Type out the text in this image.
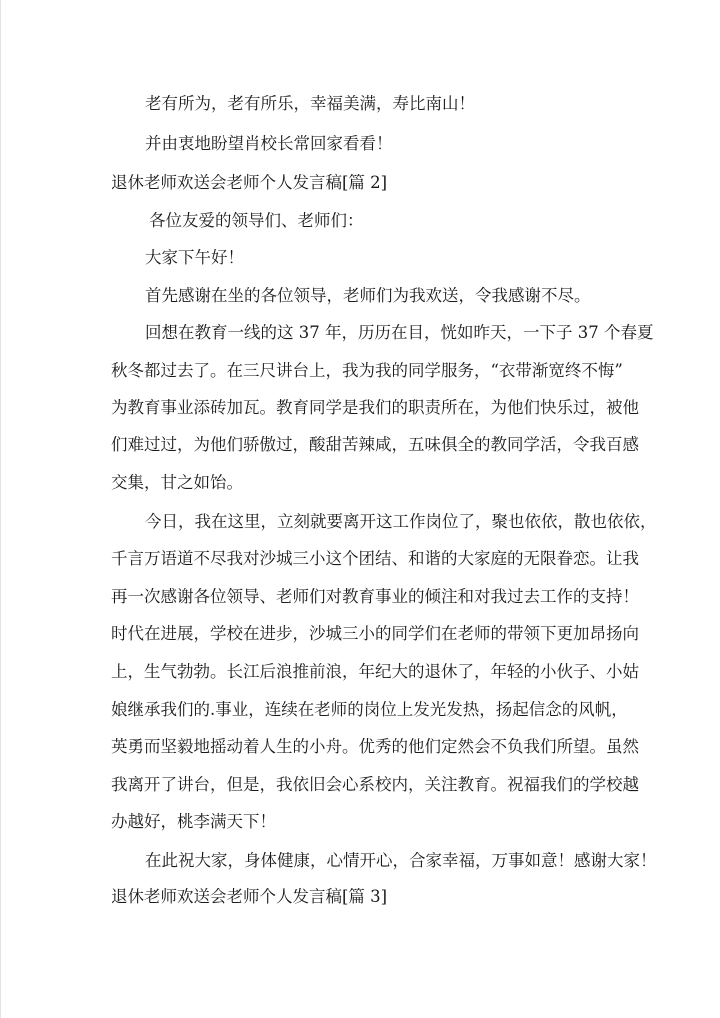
老有所为，老有所乐，幸福美满，寿比南山！
并由衷地盼望肖校长常回家看看！
退休老师欢送会老师个人发言稿[篇 2]
各位友爱的领导们、老师们：
大家下午好！
首先感谢在坐的各位领导，老师们为我欢送，令我感谢不尽。
回想在教育一线的这 37 年，历历在目，恍如昨天，一下子 37 个春夏
秋冬都过去了。在三尺讲台上，我为我的同学服务，“衣带渐宽终不悔”
为教育事业添砖加瓦。教育同学是我们的职责所在，为他们快乐过，被他
们难过过，为他们骄傲过，酸甜苦辣咸，五味俱全的教同学活，令我百感
交集，甘之如饴。
今日，我在这里，立刻就要离开这工作岗位了，聚也依依，散也依依，
千言万语道不尽我对沙城三小这个团结、和谐的大家庭的无限眷恋。让我
再一次感谢各位领导、老师们对教育事业的倾注和对我过去工作的支持！
时代在进展，学校在进步，沙城三小的同学们在老师的带领下更加昂扬向
上，生气勃勃。长江后浪推前浪，年纪大的退休了，年轻的小伙子、小姑
娘继承我们的.事业，连续在老师的岗位上发光发热，扬起信念的风帆，
英勇而坚毅地摇动着人生的小舟。优秀的他们定然会不负我们所望。虽然
我离开了讲台，但是，我依旧会心系校内，关注教育。祝福我们的学校越
办越好，桃李满天下！
在此祝大家，身体健康，心情开心，合家幸福，万事如意！感谢大家！
退休老师欢送会老师个人发言稿[篇 3]
